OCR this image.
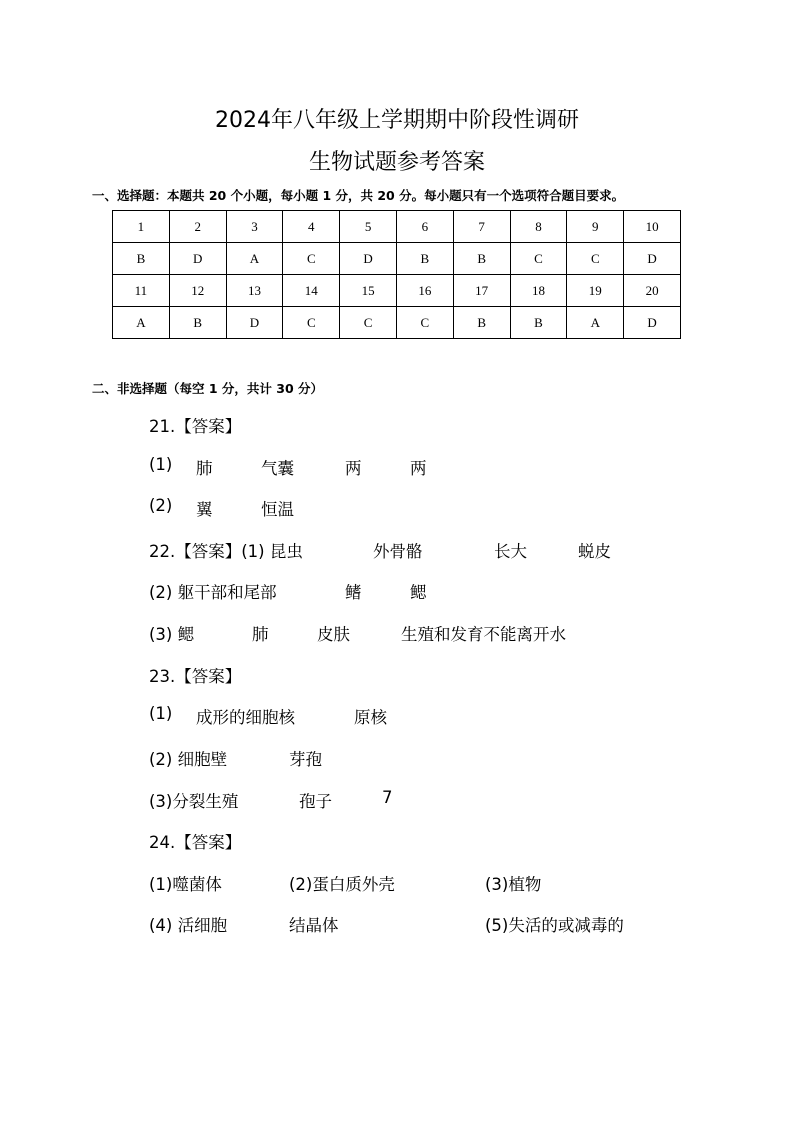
2024年八年级上学期期中阶段性调研
生物试题参考答案
一、选择题：本题共 20 个小题，每小题 1 分，共 20 分。每小题只有一个选项符合题目要求。
1	2	3	4	5	6	7	8	9	10
B	D	A	C	D	B	B	C	C	D
11	12	13	14	15	16	17	18	19	20
A	B	D	C	C	C	B	B	A	D
二、非选择题（每空 1 分，共计 30 分）
21.【答案】
(1) 肺	气囊	两	两
(2) 翼	恒温
22.【答案】(1) 昆虫	外骨骼	长大	蜕皮
(2) 躯干部和尾部	鳍	鳃
(3) 鳃	肺	皮肤	生殖和发育不能离开水
23.【答案】
(1) 成形的细胞核	原核
(2) 细胞壁	芽孢
(3)分裂生殖	孢子	7
24.【答案】
(1)噬菌体	(2)蛋白质外壳	(3)植物
(4) 活细胞	结晶体	(5)失活的或减毒的
